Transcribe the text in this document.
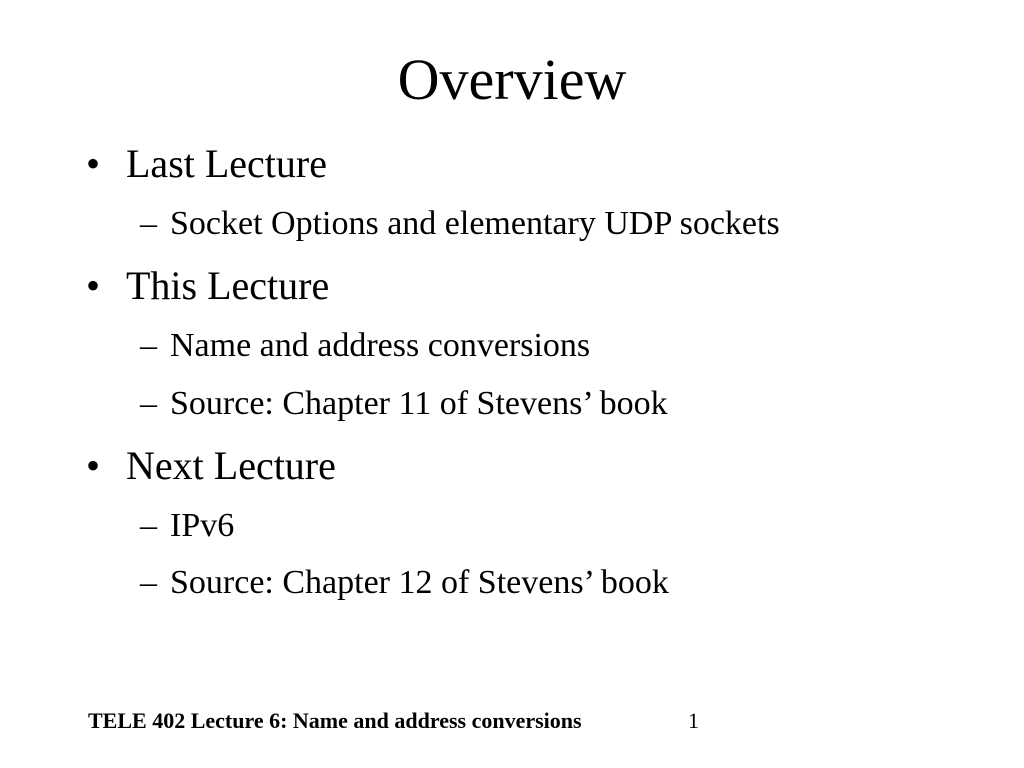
Overview
• Last Lecture
– Socket Options and elementary UDP sockets
• This Lecture
– Name and address conversions
– Source: Chapter 11 of Stevens’ book
• Next Lecture
– IPv6
– Source: Chapter 12 of Stevens’ book
TELE 402 Lecture 6: Name and address conversions	1
